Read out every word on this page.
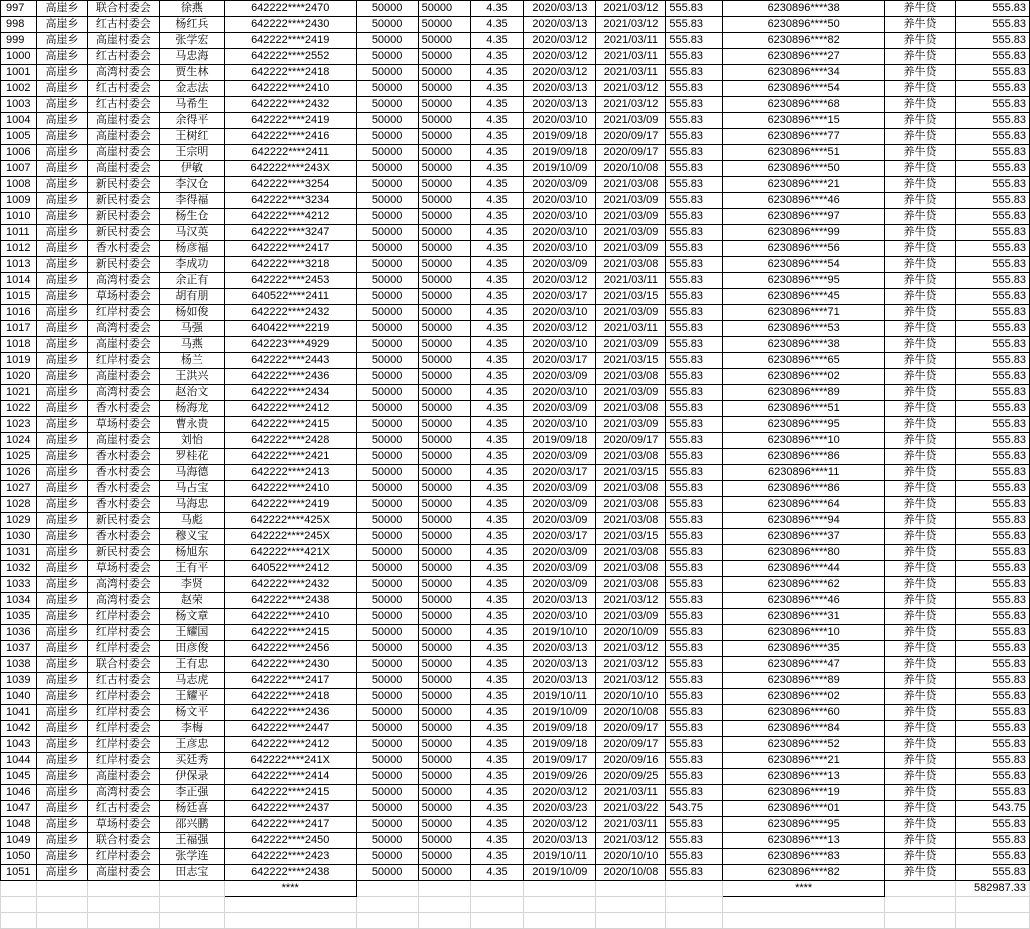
997	高崖乡	联合村委会	徐燕	642222****2470	50000	50000	4.35	2020/03/13	2021/03/12	555.83	6230896****38	养牛贷	555.83
998	高崖乡	红古村委会	杨红兵	642222****2430	50000	50000	4.35	2020/03/13	2021/03/12	555.83	6230896****50	养牛贷	555.83
999	高崖乡	高崖村委会	张学宏	642222****2419	50000	50000	4.35	2020/03/12	2021/03/11	555.83	6230896****82	养牛贷	555.83
1000	高崖乡	红古村委会	马忠海	642222****2552	50000	50000	4.35	2020/03/12	2021/03/11	555.83	6230896****27	养牛贷	555.83
1001	高崖乡	高湾村委会	贾生林	642222****2418	50000	50000	4.35	2020/03/12	2021/03/11	555.83	6230896****34	养牛贷	555.83
1002	高崖乡	红古村委会	金志法	642222****2410	50000	50000	4.35	2020/03/13	2021/03/12	555.83	6230896****54	养牛贷	555.83
1003	高崖乡	红古村委会	马希生	642222****2432	50000	50000	4.35	2020/03/13	2021/03/12	555.83	6230896****68	养牛贷	555.83
1004	高崖乡	高崖村委会	余得平	642222****2419	50000	50000	4.35	2020/03/10	2021/03/09	555.83	6230896****15	养牛贷	555.83
1005	高崖乡	高崖村委会	王树红	642222****2416	50000	50000	4.35	2019/09/18	2020/09/17	555.83	6230896****77	养牛贷	555.83
1006	高崖乡	高崖村委会	王宗明	642222****2411	50000	50000	4.35	2019/09/18	2020/09/17	555.83	6230896****51	养牛贷	555.83
1007	高崖乡	高崖村委会	伊敏	642222****243X	50000	50000	4.35	2019/10/09	2020/10/08	555.83	6230896****50	养牛贷	555.83
1008	高崖乡	新民村委会	李汉仓	642222****3254	50000	50000	4.35	2020/03/09	2021/03/08	555.83	6230896****21	养牛贷	555.83
1009	高崖乡	新民村委会	李得福	642222****3234	50000	50000	4.35	2020/03/10	2021/03/09	555.83	6230896****46	养牛贷	555.83
1010	高崖乡	新民村委会	杨生仓	642222****4212	50000	50000	4.35	2020/03/10	2021/03/09	555.83	6230896****97	养牛贷	555.83
1011	高崖乡	新民村委会	马汉英	642222****3247	50000	50000	4.35	2020/03/10	2021/03/09	555.83	6230896****99	养牛贷	555.83
1012	高崖乡	香水村委会	杨彦福	642222****2417	50000	50000	4.35	2020/03/10	2021/03/09	555.83	6230896****56	养牛贷	555.83
1013	高崖乡	新民村委会	李成功	642222****3218	50000	50000	4.35	2020/03/09	2021/03/08	555.83	6230896****54	养牛贷	555.83
1014	高崖乡	高湾村委会	余正有	642222****2453	50000	50000	4.35	2020/03/12	2021/03/11	555.83	6230896****95	养牛贷	555.83
1015	高崖乡	草场村委会	胡有朋	640522****2411	50000	50000	4.35	2020/03/17	2021/03/15	555.83	6230896****45	养牛贷	555.83
1016	高崖乡	红岸村委会	杨如俊	642222****2432	50000	50000	4.35	2020/03/10	2021/03/09	555.83	6230896****71	养牛贷	555.83
1017	高崖乡	高湾村委会	马强	640422****2219	50000	50000	4.35	2020/03/12	2021/03/11	555.83	6230896****53	养牛贷	555.83
1018	高崖乡	高崖村委会	马燕	642223****4929	50000	50000	4.35	2020/03/10	2021/03/09	555.83	6230896****38	养牛贷	555.83
1019	高崖乡	红岸村委会	杨兰	642222****2443	50000	50000	4.35	2020/03/17	2021/03/15	555.83	6230896****65	养牛贷	555.83
1020	高崖乡	高崖村委会	王洪兴	642222****2436	50000	50000	4.35	2020/03/09	2021/03/08	555.83	6230896****02	养牛贷	555.83
1021	高崖乡	高湾村委会	赵治文	642222****2434	50000	50000	4.35	2020/03/10	2021/03/09	555.83	6230896****89	养牛贷	555.83
1022	高崖乡	香水村委会	杨海龙	642222****2412	50000	50000	4.35	2020/03/09	2021/03/08	555.83	6230896****51	养牛贷	555.83
1023	高崖乡	草场村委会	曹永贵	642222****2415	50000	50000	4.35	2020/03/10	2021/03/09	555.83	6230896****95	养牛贷	555.83
1024	高崖乡	高崖村委会	刘怡	642222****2428	50000	50000	4.35	2019/09/18	2020/09/17	555.83	6230896****10	养牛贷	555.83
1025	高崖乡	香水村委会	罗桂花	642222****2421	50000	50000	4.35	2020/03/09	2021/03/08	555.83	6230896****86	养牛贷	555.83
1026	高崖乡	香水村委会	马海德	642222****2413	50000	50000	4.35	2020/03/17	2021/03/15	555.83	6230896****11	养牛贷	555.83
1027	高崖乡	香水村委会	马占宝	642222****2410	50000	50000	4.35	2020/03/09	2021/03/08	555.83	6230896****86	养牛贷	555.83
1028	高崖乡	香水村委会	马海忠	642222****2419	50000	50000	4.35	2020/03/09	2021/03/08	555.83	6230896****64	养牛贷	555.83
1029	高崖乡	新民村委会	马彪	642222****425X	50000	50000	4.35	2020/03/09	2021/03/08	555.83	6230896****94	养牛贷	555.83
1030	高崖乡	香水村委会	穆义宝	642222****245X	50000	50000	4.35	2020/03/17	2021/03/15	555.83	6230896****37	养牛贷	555.83
1031	高崖乡	新民村委会	杨旭东	642222****421X	50000	50000	4.35	2020/03/09	2021/03/08	555.83	6230896****80	养牛贷	555.83
1032	高崖乡	草场村委会	王有平	640522****2412	50000	50000	4.35	2020/03/09	2021/03/08	555.83	6230896****44	养牛贷	555.83
1033	高崖乡	高湾村委会	李贤	642222****2432	50000	50000	4.35	2020/03/09	2021/03/08	555.83	6230896****62	养牛贷	555.83
1034	高崖乡	高湾村委会	赵荣	642222****2438	50000	50000	4.35	2020/03/13	2021/03/12	555.83	6230896****46	养牛贷	555.83
1035	高崖乡	红岸村委会	杨文章	642222****2410	50000	50000	4.35	2020/03/10	2021/03/09	555.83	6230896****31	养牛贷	555.83
1036	高崖乡	红岸村委会	王耀国	642222****2415	50000	50000	4.35	2019/10/10	2020/10/09	555.83	6230896****10	养牛贷	555.83
1037	高崖乡	红岸村委会	田彦俊	642222****2456	50000	50000	4.35	2020/03/13	2021/03/12	555.83	6230896****35	养牛贷	555.83
1038	高崖乡	联合村委会	王有忠	642222****2430	50000	50000	4.35	2020/03/13	2021/03/12	555.83	6230896****47	养牛贷	555.83
1039	高崖乡	红古村委会	马志虎	642222****2417	50000	50000	4.35	2020/03/13	2021/03/12	555.83	6230896****89	养牛贷	555.83
1040	高崖乡	红岸村委会	王耀平	642222****2418	50000	50000	4.35	2019/10/11	2020/10/10	555.83	6230896****02	养牛贷	555.83
1041	高崖乡	红岸村委会	杨文平	642222****2436	50000	50000	4.35	2019/10/09	2020/10/08	555.83	6230896****60	养牛贷	555.83
1042	高崖乡	红岸村委会	李梅	642222****2447	50000	50000	4.35	2019/09/18	2020/09/17	555.83	6230896****84	养牛贷	555.83
1043	高崖乡	红岸村委会	王彦忠	642222****2412	50000	50000	4.35	2019/09/18	2020/09/17	555.83	6230896****52	养牛贷	555.83
1044	高崖乡	红岸村委会	买廷秀	642222****241X	50000	50000	4.35	2019/09/17	2020/09/16	555.83	6230896****21	养牛贷	555.83
1045	高崖乡	高崖村委会	伊保录	642222****2414	50000	50000	4.35	2019/09/26	2020/09/25	555.83	6230896****13	养牛贷	555.83
1046	高崖乡	高湾村委会	李正强	642222****2415	50000	50000	4.35	2020/03/12	2021/03/11	555.83	6230896****19	养牛贷	555.83
1047	高崖乡	红古村委会	杨廷喜	642222****2437	50000	50000	4.35	2020/03/23	2021/03/22	543.75	6230896****01	养牛贷	543.75
1048	高崖乡	草场村委会	邵兴鹏	642222****2417	50000	50000	4.35	2020/03/12	2021/03/11	555.83	6230896****95	养牛贷	555.83
1049	高崖乡	联合村委会	王福强	642222****2450	50000	50000	4.35	2020/03/13	2021/03/12	555.83	6230896****13	养牛贷	555.83
1050	高崖乡	红岸村委会	张学连	642222****2423	50000	50000	4.35	2019/10/11	2020/10/10	555.83	6230896****83	养牛贷	555.83
1051	高崖乡	高崖村委会	田志宝	642222****2438	50000	50000	4.35	2019/10/09	2020/10/08	555.83	6230896****82	养牛贷	555.83
				****							****		582987.33
